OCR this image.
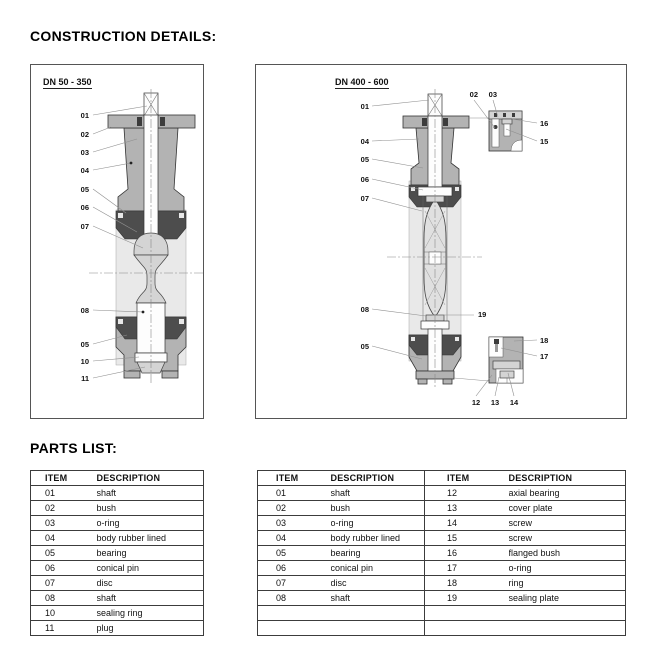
CONSTRUCTION DETAILS:
DN 50 - 350
01
02
03
04
05
06
07
08
05
10
11
DN 400 - 600
01
04
05
06
07
08
05
19
02 03
16
15
18
17
12 13 14
PARTS LIST:
ITEM	DESCRIPTION
01	shaft
02	bush
03	o-ring
04	body rubber lined
05	bearing
06	conical pin
07	disc
08	shaft
10	sealing ring
11	plug
ITEM	DESCRIPTION	ITEM	DESCRIPTION
01	shaft	12	axial bearing
02	bush	13	cover plate
03	o-ring	14	screw
04	body rubber lined	15	screw
05	bearing	16	flanged bush
06	conical pin	17	o-ring
07	disc	18	ring
08	shaft	19	sealing plate
